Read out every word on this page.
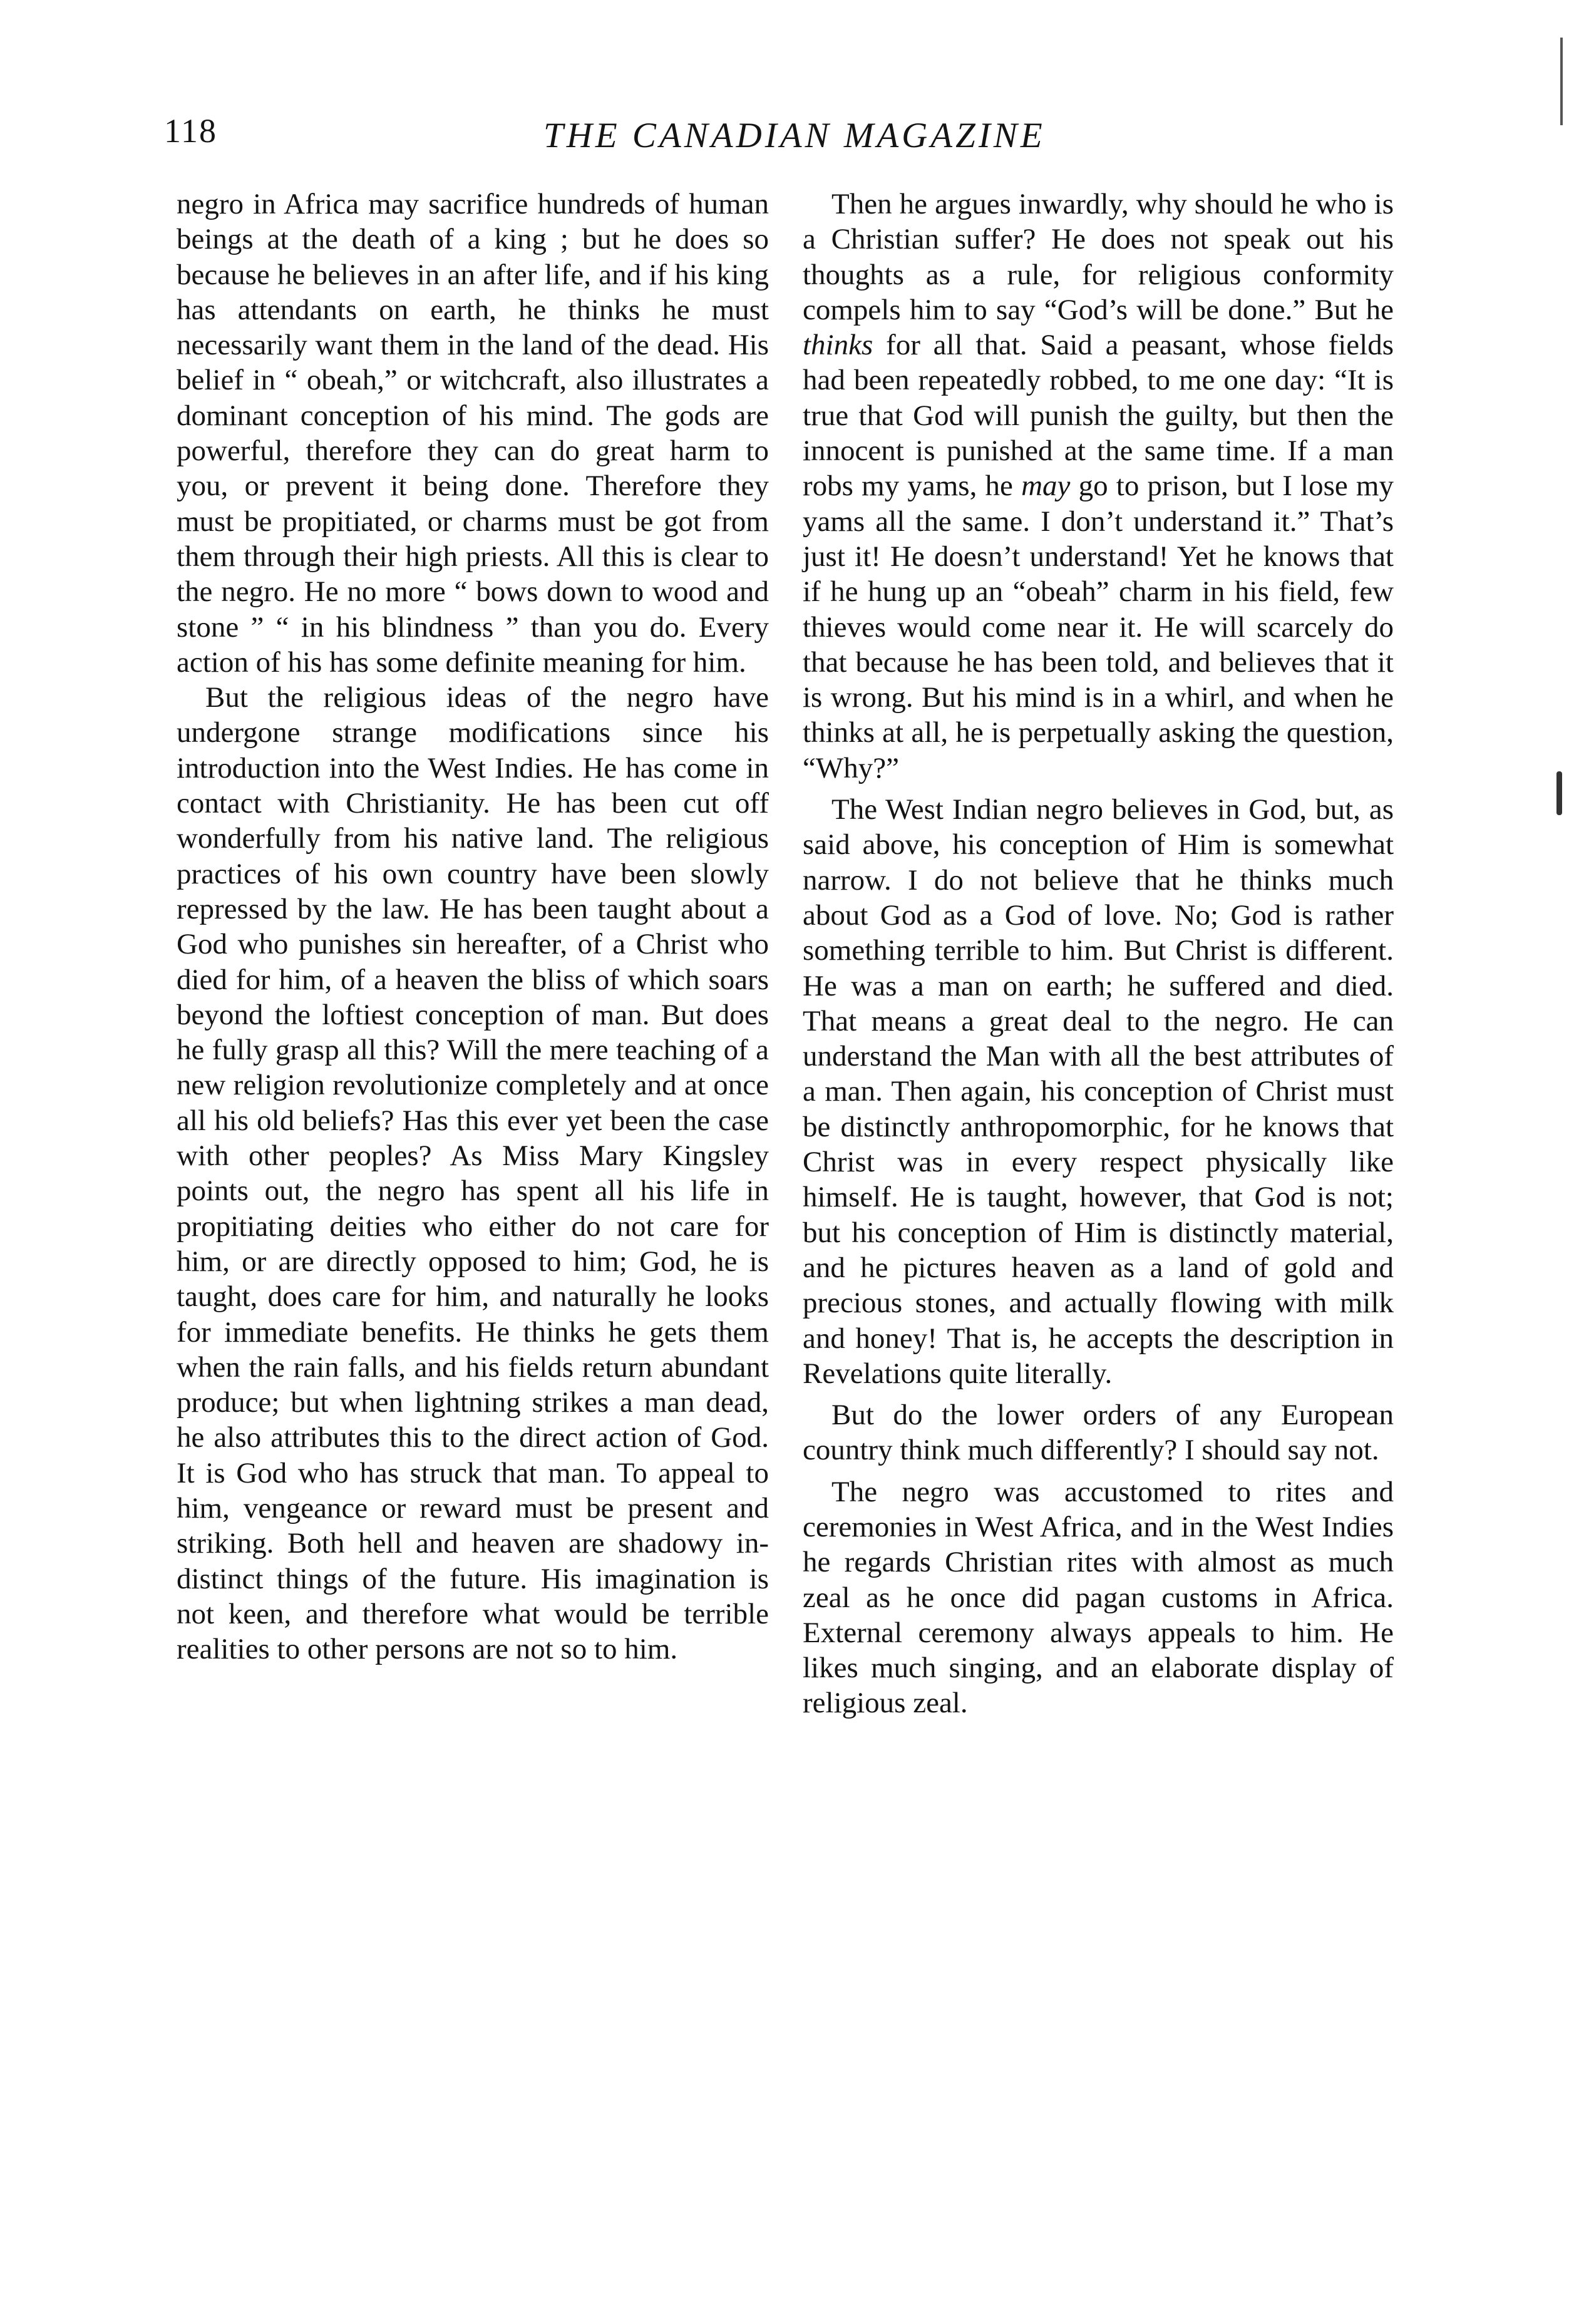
118	THE CANADIAN MAGAZINE

negro in Africa may sacrifice hundreds of human beings at the death of a king ; but he does so because he believes in an after life, and if his king has attendants on earth, he thinks he must necessarily want them in the land of the dead. His belief in “ obeah,” or witchcraft, also illustrates a dominant conception of his mind. The gods are powerful, therefore they can do great harm to you, or prevent it being done. Therefore they must be propitiated, or charms must be got from them through their high priests. All this is clear to the negro. He no more “ bows down to wood and stone ” “ in his blindness ” than you do. Every action of his has some definite meaning for him.

But the religious ideas of the negro have undergone strange modifications since his introduction into the West Indies. He has come in contact with Christianity. He has been cut off wonderfully from his native land. The religious practices of his own country have been slowly repressed by the law. He has been taught about a God who punishes sin hereafter, of a Christ who died for him, of a heaven the bliss of which soars beyond the loftiest conception of man. But does he fully grasp all this? Will the mere teaching of a new religion revolutionize completely and at once all his old beliefs? Has this ever yet been the case with other peoples? As Miss Mary Kingsley points out, the negro has spent all his life in propitiating deities who either do not care for him, or are directly opposed to him; God, he is taught, does care for him, and naturally he looks for immediate benefits. He thinks he gets them when the rain falls, and his fields return abundant produce; but when lightning strikes a man dead, he also attributes this to the direct action of God. It is God who has struck that man. To appeal to him, vengeance or reward must be present and striking. Both hell and heaven are shadowy indistinct things of the future. His imagination is not keen, and therefore what would be terrible realities to other persons are not so to him.

Then he argues inwardly, why should he who is a Christian suffer? He does not speak out his thoughts as a rule, for religious conformity compels him to say “God’s will be done.” But he thinks for all that. Said a peasant, whose fields had been repeatedly robbed, to me one day: “It is true that God will punish the guilty, but then the innocent is punished at the same time. If a man robs my yams, he may go to prison, but I lose my yams all the same. I don’t understand it.” That’s just it! He doesn’t understand! Yet he knows that if he hung up an “obeah” charm in his field, few thieves would come near it. He will scarcely do that because he has been told, and believes that it is wrong. But his mind is in a whirl, and when he thinks at all, he is perpetually asking the question, “Why?”

The West Indian negro believes in God, but, as said above, his conception of Him is somewhat narrow. I do not believe that he thinks much about God as a God of love. No; God is rather something terrible to him. But Christ is different. He was a man on earth; he suffered and died. That means a great deal to the negro. He can understand the Man with all the best attributes of a man. Then again, his conception of Christ must be distinctly anthropomorphic, for he knows that Christ was in every respect physically like himself. He is taught, however, that God is not; but his conception of Him is distinctly material, and he pictures heaven as a land of gold and precious stones, and actually flowing with milk and honey! That is, he accepts the description in Revelations quite literally.

But do the lower orders of any European country think much differently? I should say not.

The negro was accustomed to rites and ceremonies in West Africa, and in the West Indies he regards Christian rites with almost as much zeal as he once did pagan customs in Africa. External ceremony always appeals to him. He likes much singing, and an elaborate display of religious zeal.
